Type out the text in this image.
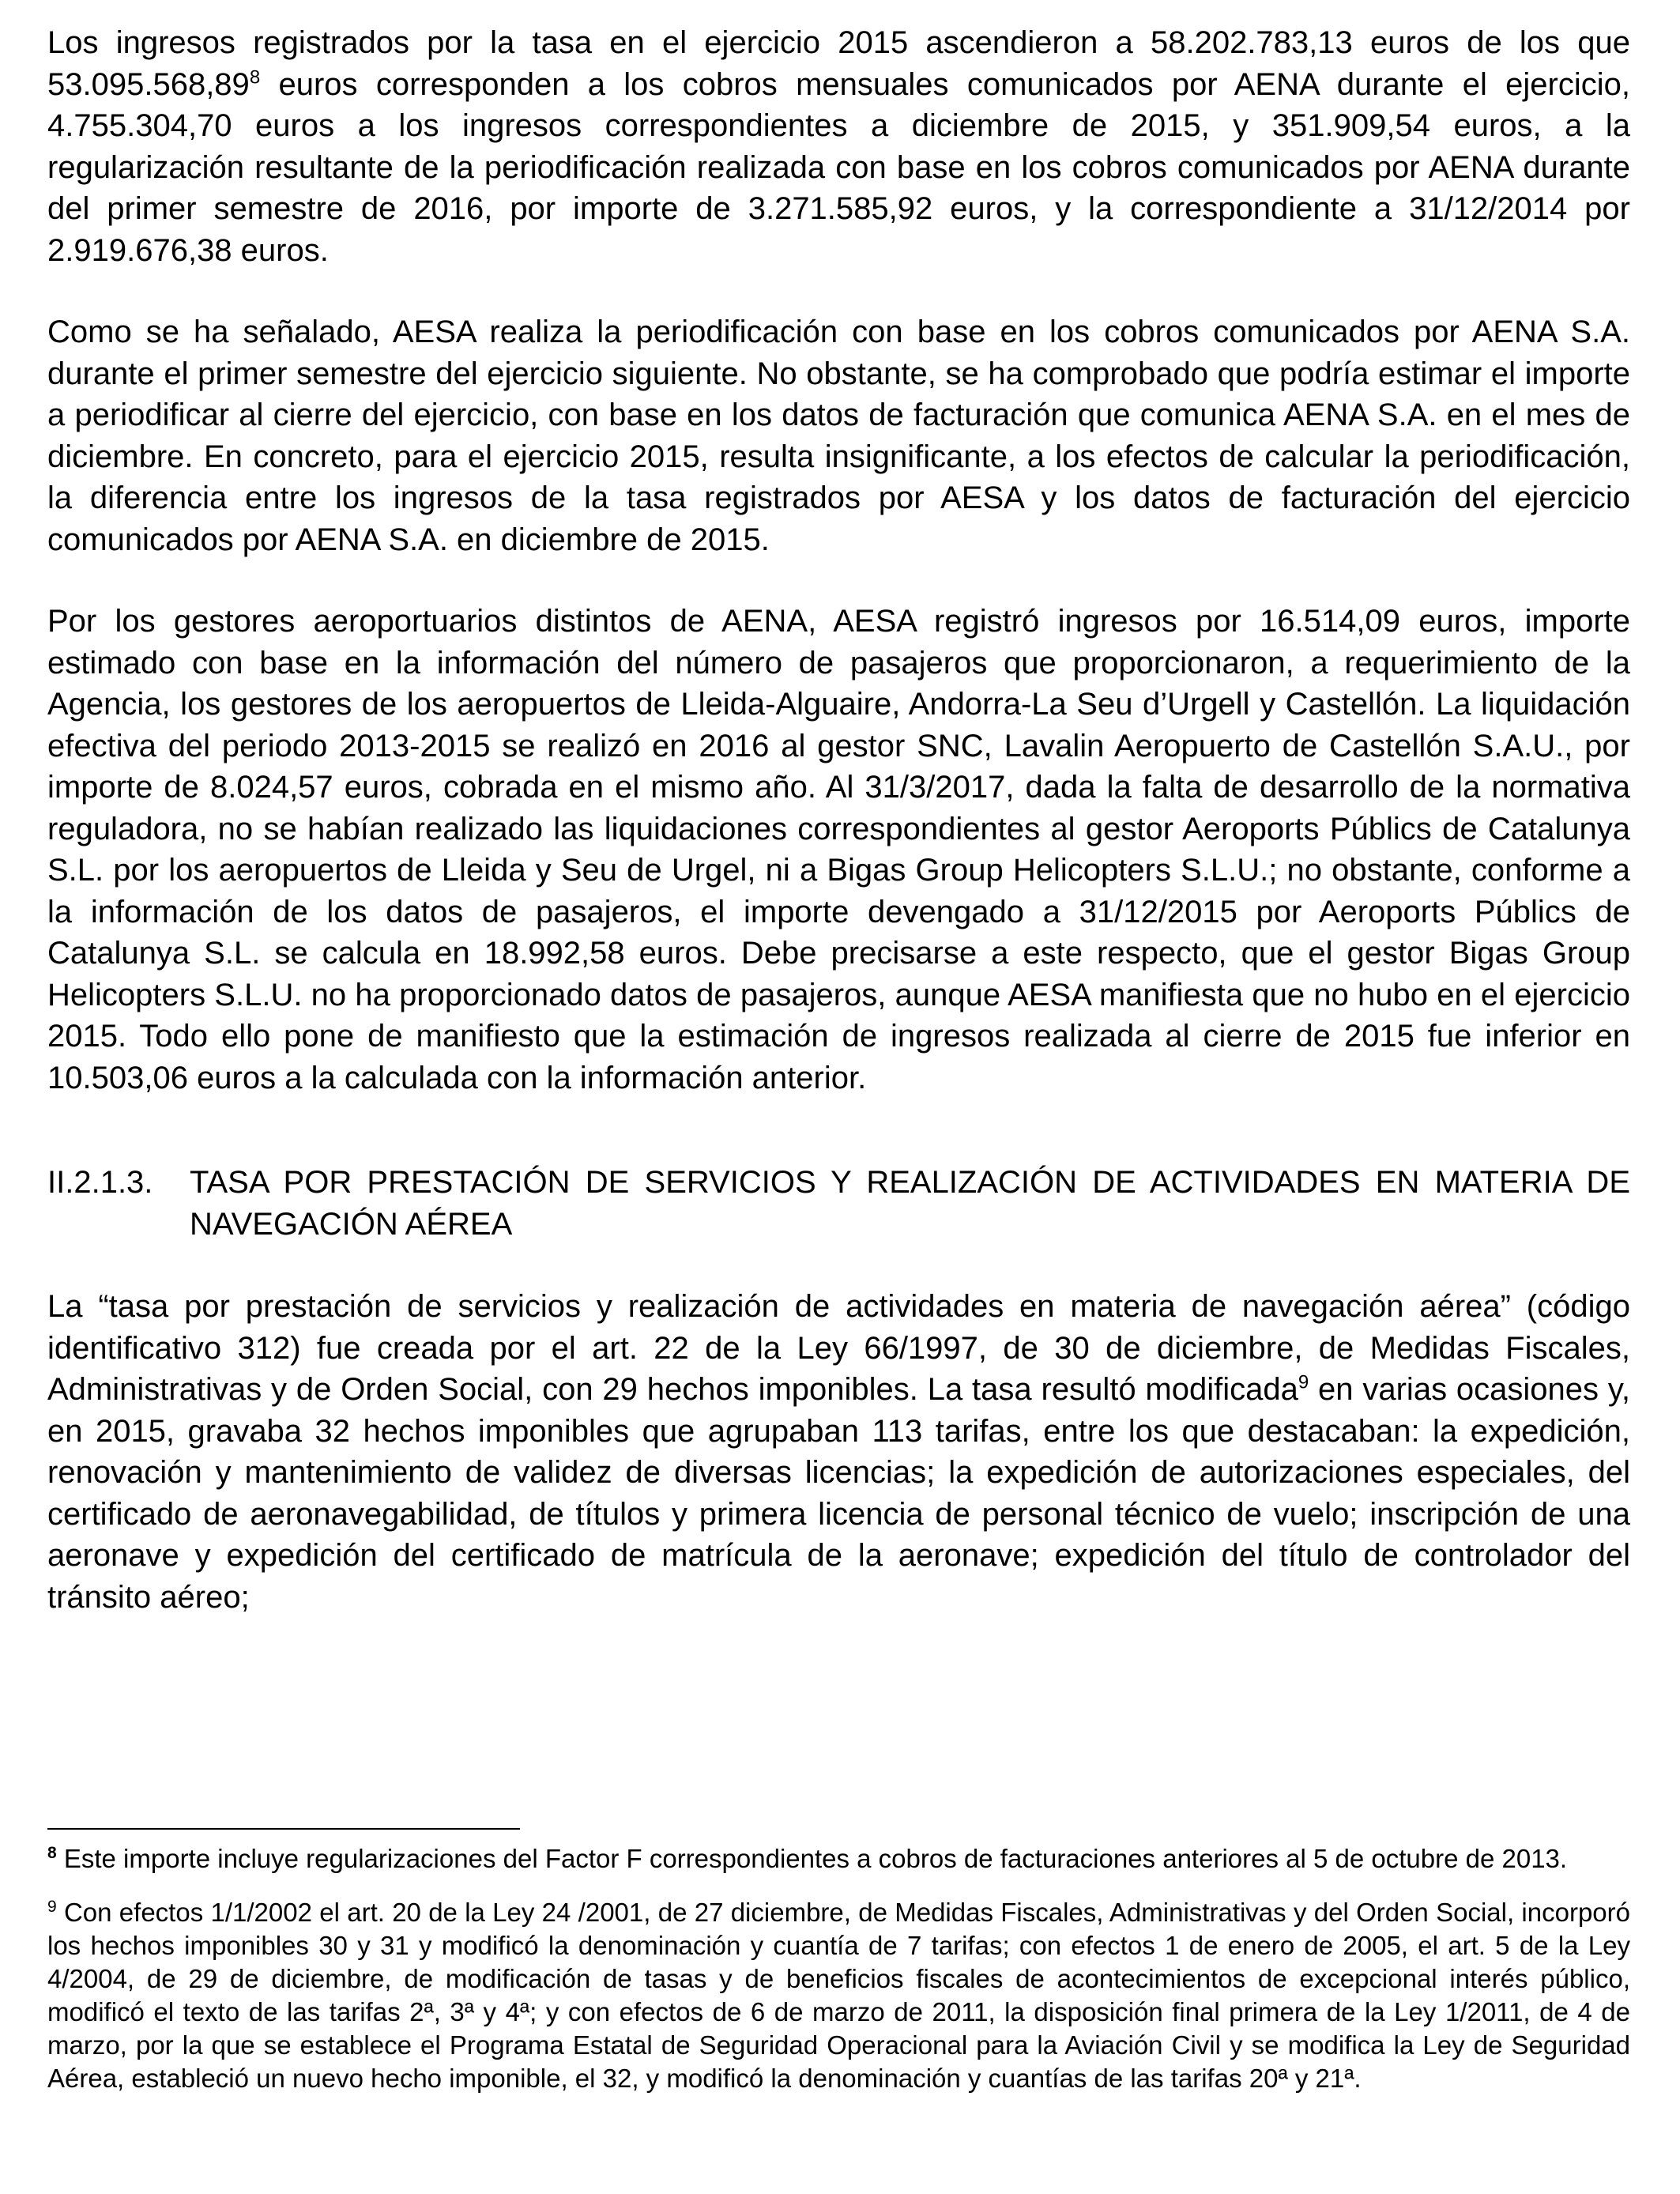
Los ingresos registrados por la tasa en el ejercicio 2015 ascendieron a 58.202.783,13 euros de los que 53.095.568,89$^8$ euros corresponden a los cobros mensuales comunicados por AENA durante el ejercicio, 4.755.304,70 euros a los ingresos correspondientes a diciembre de 2015, y 351.909,54 euros, a la regularización resultante de la periodificación realizada con base en los cobros comunicados por AENA durante del primer semestre de 2016, por importe de 3.271.585,92 euros, y la correspondiente a 31/12/2014 por 2.919.676,38 euros.

Como se ha señalado, AESA realiza la periodificación con base en los cobros comunicados por AENA S.A. durante el primer semestre del ejercicio siguiente. No obstante, se ha comprobado que podría estimar el importe a periodificar al cierre del ejercicio, con base en los datos de facturación que comunica AENA S.A. en el mes de diciembre. En concreto, para el ejercicio 2015, resulta insignificante, a los efectos de calcular la periodificación, la diferencia entre los ingresos de la tasa registrados por AESA y los datos de facturación del ejercicio comunicados por AENA S.A. en diciembre de 2015.

Por los gestores aeroportuarios distintos de AENA, AESA registró ingresos por 16.514,09 euros, importe estimado con base en la información del número de pasajeros que proporcionaron, a requerimiento de la Agencia, los gestores de los aeropuertos de Lleida-Alguaire, Andorra-La Seu d’Urgell y Castellón. La liquidación efectiva del periodo 2013-2015 se realizó en 2016 al gestor SNC, Lavalin Aeropuerto de Castellón S.A.U., por importe de 8.024,57 euros, cobrada en el mismo año. Al 31/3/2017, dada la falta de desarrollo de la normativa reguladora, no se habían realizado las liquidaciones correspondientes al gestor Aeroports Públics de Catalunya S.L. por los aeropuertos de Lleida y Seu de Urgel, ni a Bigas Group Helicopters S.L.U.; no obstante, conforme a la información de los datos de pasajeros, el importe devengado a 31/12/2015 por Aeroports Públics de Catalunya S.L. se calcula en 18.992,58 euros. Debe precisarse a este respecto, que el gestor Bigas Group Helicopters S.L.U. no ha proporcionado datos de pasajeros, aunque AESA manifiesta que no hubo en el ejercicio 2015. Todo ello pone de manifiesto que la estimación de ingresos realizada al cierre de 2015 fue inferior en 10.503,06 euros a la calculada con la información anterior.

II.2.1.3.	TASA POR PRESTACIÓN DE SERVICIOS Y REALIZACIÓN DE ACTIVIDADES EN MATERIA DE NAVEGACIÓN AÉREA

La “tasa por prestación de servicios y realización de actividades en materia de navegación aérea” (código identificativo 312) fue creada por el art. 22 de la Ley 66/1997, de 30 de diciembre, de Medidas Fiscales, Administrativas y de Orden Social, con 29 hechos imponibles. La tasa resultó modificada$^9$ en varias ocasiones y, en 2015, gravaba 32 hechos imponibles que agrupaban 113 tarifas, entre los que destacaban: la expedición, renovación y mantenimiento de validez de diversas licencias; la expedición de autorizaciones especiales, del certificado de aeronavegabilidad, de títulos y primera licencia de personal técnico de vuelo; inscripción de una aeronave y expedición del certificado de matrícula de la aeronave; expedición del título de controlador del tránsito aéreo;

$^8$ Este importe incluye regularizaciones del Factor F correspondientes a cobros de facturaciones anteriores al 5 de octubre de 2013.

$^9$ Con efectos 1/1/2002 el art. 20 de la Ley 24 /2001, de 27 diciembre, de Medidas Fiscales, Administrativas y del Orden Social, incorporó los hechos imponibles 30 y 31 y modificó la denominación y cuantía de 7 tarifas; con efectos 1 de enero de 2005, el art. 5 de la Ley 4/2004, de 29 de diciembre, de modificación de tasas y de beneficios fiscales de acontecimientos de excepcional interés público, modificó el texto de las tarifas 2ª, 3ª y 4ª; y con efectos de 6 de marzo de 2011, la disposición final primera de la Ley 1/2011, de 4 de marzo, por la que se establece el Programa Estatal de Seguridad Operacional para la Aviación Civil y se modifica la Ley de Seguridad Aérea, estableció un nuevo hecho imponible, el 32, y modificó la denominación y cuantías de las tarifas 20ª y 21ª.
